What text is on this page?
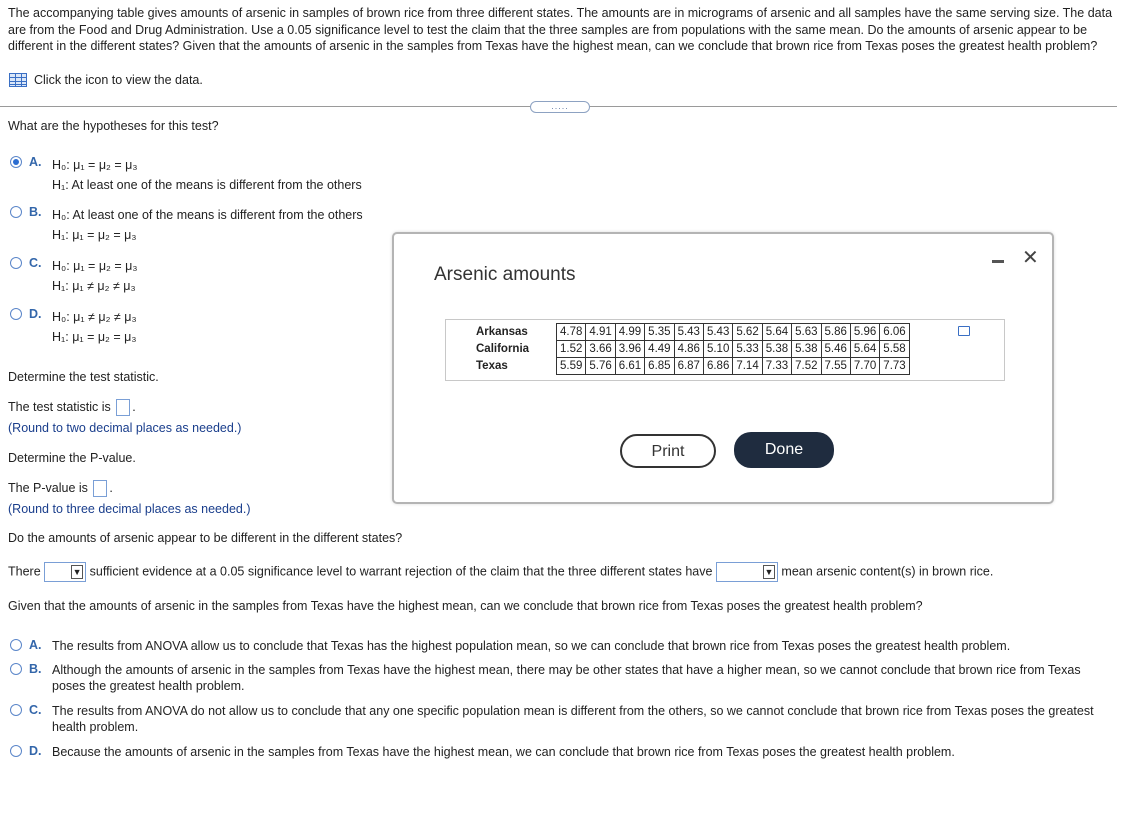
The accompanying table gives amounts of arsenic in samples of brown rice from three different states. The amounts are in micrograms of arsenic and all samples have the same serving size. The data are from the Food and Drug Administration. Use a 0.05 significance level to test the claim that the three samples are from populations with the same mean. Do the amounts of arsenic appear to be different in the different states? Given that the amounts of arsenic in the samples from Texas have the highest mean, can we conclude that brown rice from Texas poses the greatest health problem?
Click the icon to view the data.
.....
What are the hypotheses for this test?
A. H₀: μ₁ = μ₂ = μ₃
H₁: At least one of the means is different from the others
B. H₀: At least one of the means is different from the others
H₁: μ₁ = μ₂ = μ₃
C. H₀: μ₁ = μ₂ = μ₃
H₁: μ₁ ≠ μ₂ ≠ μ₃
D. H₀: μ₁ ≠ μ₂ ≠ μ₃
H₁: μ₁ = μ₂ = μ₃
Determine the test statistic.
The test statistic is .
(Round to two decimal places as needed.)
Determine the P-value.
The P-value is .
(Round to three decimal places as needed.)
Do the amounts of arsenic appear to be different in the different states?
There	▼ sufficient evidence at a 0.05 significance level to warrant rejection of the claim that the three different states have	▼ mean arsenic content(s) in brown rice.
Given that the amounts of arsenic in the samples from Texas have the highest mean, can we conclude that brown rice from Texas poses the greatest health problem?
A. The results from ANOVA allow us to conclude that Texas has the highest population mean, so we can conclude that brown rice from Texas poses the greatest health problem.
B. Although the amounts of arsenic in the samples from Texas have the highest mean, there may be other states that have a higher mean, so we cannot conclude that brown rice from Texas poses the greatest health problem.
C. The results from ANOVA do not allow us to conclude that any one specific population mean is different from the others, so we cannot conclude that brown rice from Texas poses the greatest health problem.
D. Because the amounts of arsenic in the samples from Texas have the highest mean, we can conclude that brown rice from Texas poses the greatest health problem.
Arsenic amounts
✕
Arkansas	4.78	4.91	4.99	5.35	5.43	5.43	5.62	5.64	5.63	5.86	5.96	6.06
California	1.52	3.66	3.96	4.49	4.86	5.10	5.33	5.38	5.38	5.46	5.64	5.58
Texas	5.59	5.76	6.61	6.85	6.87	6.86	7.14	7.33	7.52	7.55	7.70	7.73
Print	Done
